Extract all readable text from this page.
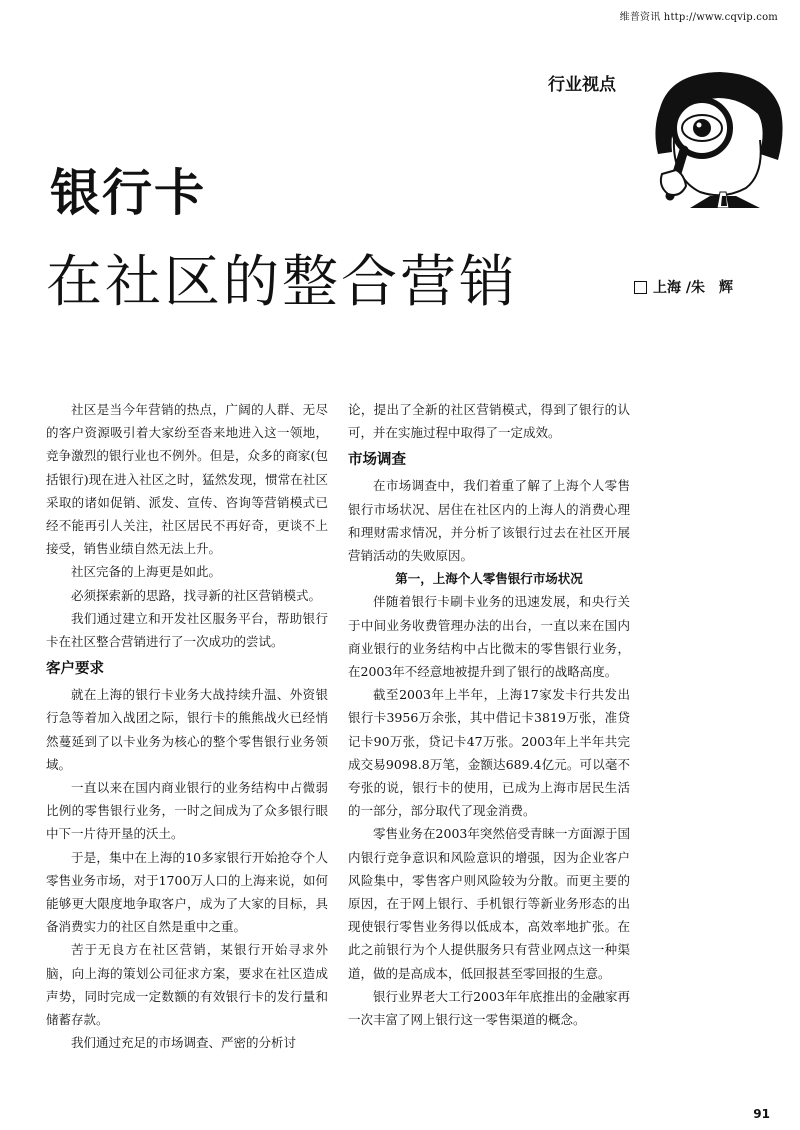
维普资讯 http://www.cqvip.com
行业视点
银行卡
在社区的整合营销	上海 /朱　辉

社区是当今年营销的热点，广阔的人群、无尽的客户资源吸引着大家纷至沓来地进入这一领地，竞争激烈的银行业也不例外。但是，众多的商家(包括银行)现在进入社区之时，猛然发现，惯常在社区采取的诸如促销、派发、宣传、咨询等营销模式已经不能再引人关注，社区居民不再好奇，更谈不上接受，销售业绩自然无法上升。

社区完备的上海更是如此。

必须探索新的思路，找寻新的社区营销模式。

我们通过建立和开发社区服务平台，帮助银行卡在社区整合营销进行了一次成功的尝试。

客户要求

就在上海的银行卡业务大战持续升温、外资银行急等着加入战团之际，银行卡的熊熊战火已经悄然蔓延到了以卡业务为核心的整个零售银行业务领域。

一直以来在国内商业银行的业务结构中占微弱比例的零售银行业务，一时之间成为了众多银行眼中下一片待开垦的沃土。

于是，集中在上海的10多家银行开始抢夺个人零售业务市场，对于1700万人口的上海来说，如何能够更大限度地争取客户，成为了大家的目标，具备消费实力的社区自然是重中之重。

苦于无良方在社区营销，某银行开始寻求外脑，向上海的策划公司征求方案，要求在社区造成声势，同时完成一定数额的有效银行卡的发行量和储蓄存款。

我们通过充足的市场调查、严密的分析讨

论，提出了全新的社区营销模式，得到了银行的认可，并在实施过程中取得了一定成效。

市场调查

在市场调查中，我们着重了解了上海个人零售银行市场状况、居住在社区内的上海人的消费心理和理财需求情况，并分析了该银行过去在社区开展营销活动的失败原因。

第一，上海个人零售银行市场状况

伴随着银行卡刷卡业务的迅速发展，和央行关于中间业务收费管理办法的出台，一直以来在国内商业银行的业务结构中占比微末的零售银行业务，在2003年不经意地被提升到了银行的战略高度。

截至2003年上半年，上海17家发卡行共发出银行卡3956万余张，其中借记卡3819万张，准贷记卡90万张，贷记卡47万张。2003年上半年共完成交易9098.8万笔，金额达689.4亿元。可以毫不夸张的说，银行卡的使用，已成为上海市居民生活的一部分，部分取代了现金消费。

零售业务在2003年突然倍受青睐一方面源于国内银行竞争意识和风险意识的增强，因为企业客户风险集中，零售客户则风险较为分散。而更主要的原因，在于网上银行、手机银行等新业务形态的出现使银行零售业务得以低成本，高效率地扩张。在此之前银行为个人提供服务只有营业网点这一种渠道，做的是高成本，低回报甚至零回报的生意。

银行业界老大工行2003年年底推出的金融家再一次丰富了网上银行这一零售渠道的概念。

91
